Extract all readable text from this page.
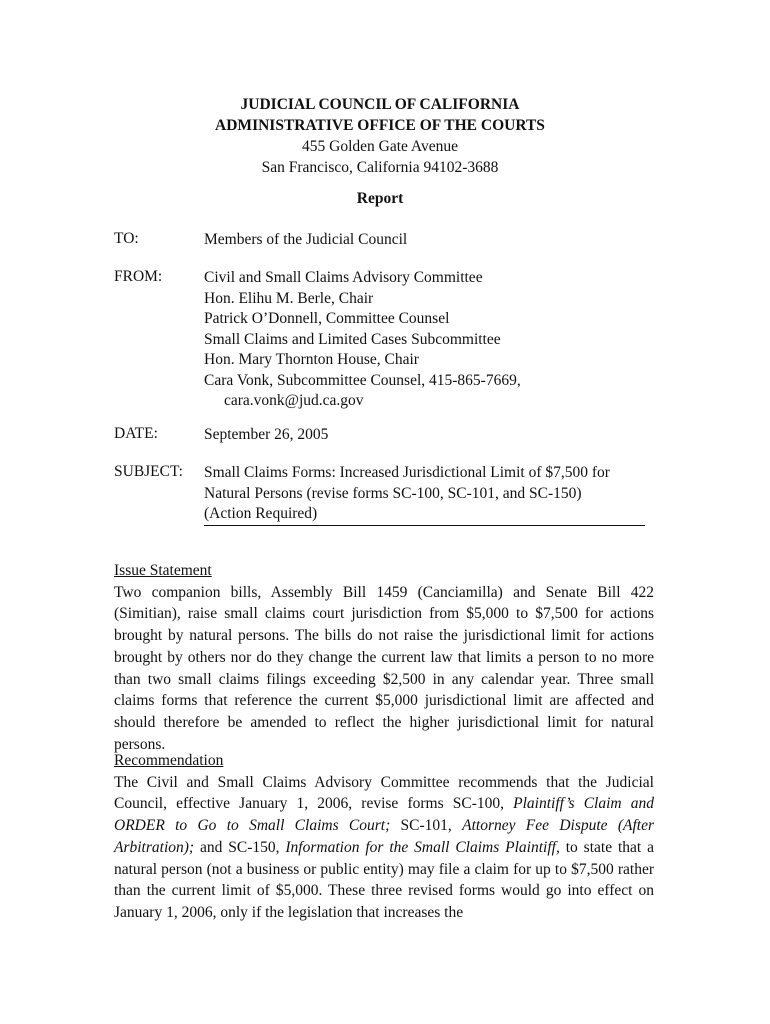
JUDICIAL COUNCIL OF CALIFORNIA
ADMINISTRATIVE OFFICE OF THE COURTS
455 Golden Gate Avenue
San Francisco, California 94102-3688
Report
TO:	Members of the Judicial Council
FROM:	Civil and Small Claims Advisory Committee
Hon. Elihu M. Berle, Chair
Patrick O’Donnell, Committee Counsel
Small Claims and Limited Cases Subcommittee
Hon. Mary Thornton House, Chair
Cara Vonk, Subcommittee Counsel, 415-865-7669,
cara.vonk@jud.ca.gov
DATE:	September 26, 2005
SUBJECT: Small Claims Forms: Increased Jurisdictional Limit of $7,500 for
Natural Persons (revise forms SC-100, SC-101, and SC-150)
(Action Required)
Issue Statement

Two companion bills, Assembly Bill 1459 (Canciamilla) and Senate Bill 422 (Simitian), raise small claims court jurisdiction from $5,000 to $7,500 for actions brought by natural persons. The bills do not raise the jurisdictional limit for actions brought by others nor do they change the current law that limits a person to no more than two small claims filings exceeding $2,500 in any calendar year. Three small claims forms that reference the current $5,000 jurisdictional limit are affected and should therefore be amended to reflect the higher jurisdictional limit for natural persons.

Recommendation

The Civil and Small Claims Advisory Committee recommends that the Judicial Council, effective January 1, 2006, revise forms SC-100, Plaintiff’s Claim and ORDER to Go to Small Claims Court; SC-101, Attorney Fee Dispute (After Arbitration); and SC-150, Information for the Small Claims Plaintiff, to state that a natural person (not a business or public entity) may file a claim for up to $7,500 rather than the current limit of $5,000. These three revised forms would go into effect on January 1, 2006, only if the legislation that increases the
